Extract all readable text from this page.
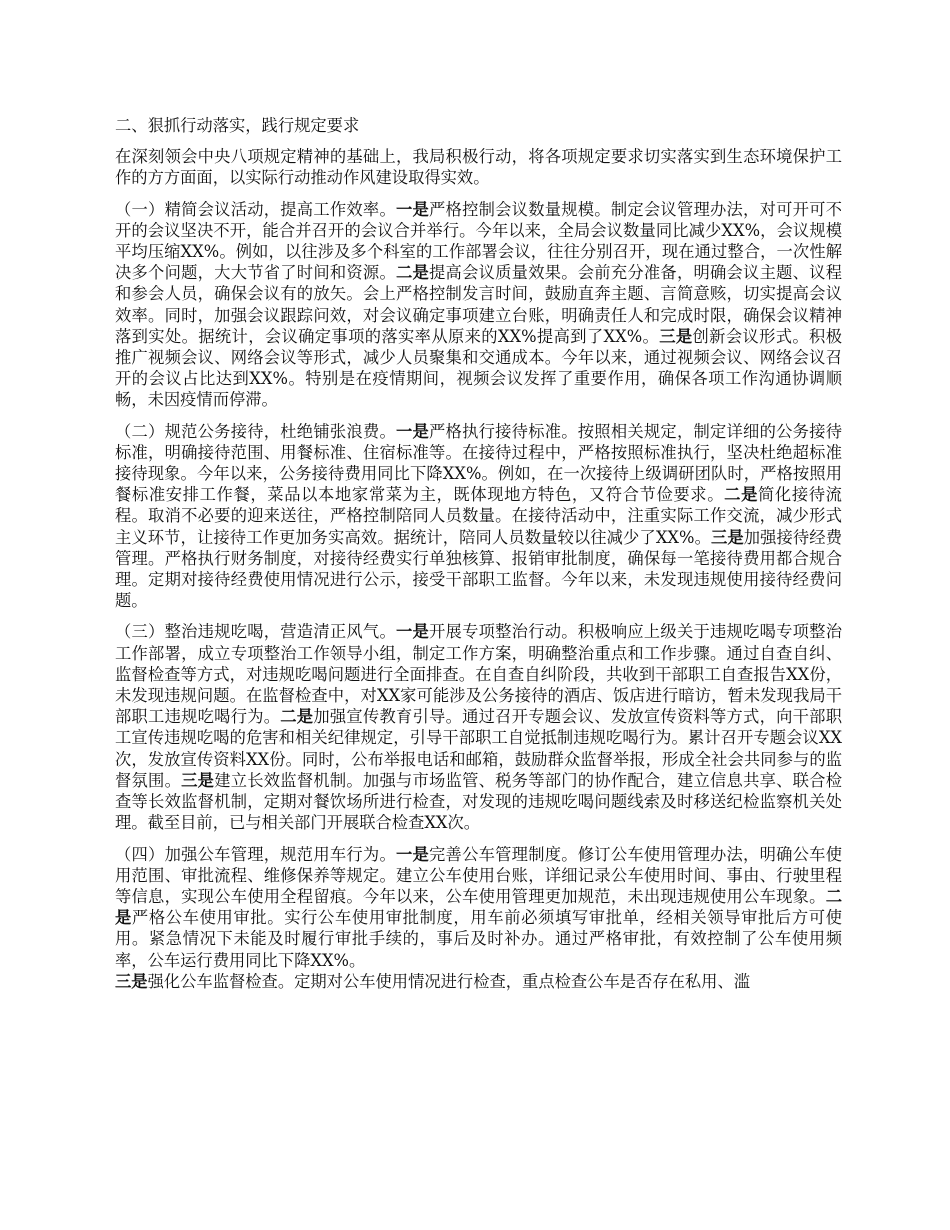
二、狠抓行动落实，践行规定要求

在深刻领会中央八项规定精神的基础上，我局积极行动，将各项规定要求切实落实到生态环境保护工作的方方面面，以实际行动推动作风建设取得实效。

（一）精简会议活动，提高工作效率。一是严格控制会议数量规模。制定会议管理办法，对可开可不开的会议坚决不开，能合并召开的会议合并举行。今年以来，全局会议数量同比减少XX%，会议规模平均压缩XX%。例如，以往涉及多个科室的工作部署会议，往往分别召开，现在通过整合，一次性解决多个问题，大大节省了时间和资源。二是提高会议质量效果。会前充分准备，明确会议主题、议程和参会人员，确保会议有的放矢。会上严格控制发言时间，鼓励直奔主题、言简意赅，切实提高会议效率。同时，加强会议跟踪问效，对会议确定事项建立台账，明确责任人和完成时限，确保会议精神落到实处。据统计，会议确定事项的落实率从原来的XX%提高到了XX%。三是创新会议形式。积极推广视频会议、网络会议等形式，减少人员聚集和交通成本。今年以来，通过视频会议、网络会议召开的会议占比达到XX%。特别是在疫情期间，视频会议发挥了重要作用，确保各项工作沟通协调顺畅，未因疫情而停滞。

（二）规范公务接待，杜绝铺张浪费。一是严格执行接待标准。按照相关规定，制定详细的公务接待标准，明确接待范围、用餐标准、住宿标准等。在接待过程中，严格按照标准执行，坚决杜绝超标准接待现象。今年以来，公务接待费用同比下降XX%。例如，在一次接待上级调研团队时，严格按照用餐标准安排工作餐，菜品以本地家常菜为主，既体现地方特色，又符合节俭要求。二是简化接待流程。取消不必要的迎来送往，严格控制陪同人员数量。在接待活动中，注重实际工作交流，减少形式主义环节，让接待工作更加务实高效。据统计，陪同人员数量较以往减少了XX%。三是加强接待经费管理。严格执行财务制度，对接待经费实行单独核算、报销审批制度，确保每一笔接待费用都合规合理。定期对接待经费使用情况进行公示，接受干部职工监督。今年以来，未发现违规使用接待经费问题。

（三）整治违规吃喝，营造清正风气。一是开展专项整治行动。积极响应上级关于违规吃喝专项整治工作部署，成立专项整治工作领导小组，制定工作方案，明确整治重点和工作步骤。通过自查自纠、监督检查等方式，对违规吃喝问题进行全面排查。在自查自纠阶段，共收到干部职工自查报告XX份，未发现违规问题。在监督检查中，对XX家可能涉及公务接待的酒店、饭店进行暗访，暂未发现我局干部职工违规吃喝行为。二是加强宣传教育引导。通过召开专题会议、发放宣传资料等方式，向干部职工宣传违规吃喝的危害和相关纪律规定，引导干部职工自觉抵制违规吃喝行为。累计召开专题会议XX次，发放宣传资料XX份。同时，公布举报电话和邮箱，鼓励群众监督举报，形成全社会共同参与的监督氛围。三是建立长效监督机制。加强与市场监管、税务等部门的协作配合，建立信息共享、联合检查等长效监督机制，定期对餐饮场所进行检查，对发现的违规吃喝问题线索及时移送纪检监察机关处理。截至目前，已与相关部门开展联合检查XX次。

（四）加强公车管理，规范用车行为。一是完善公车管理制度。修订公车使用管理办法，明确公车使用范围、审批流程、维修保养等规定。建立公车使用台账，详细记录公车使用时间、事由、行驶里程等信息，实现公车使用全程留痕。今年以来，公车使用管理更加规范，未出现违规使用公车现象。二是严格公车使用审批。实行公车使用审批制度，用车前必须填写审批单，经相关领导审批后方可使用。紧急情况下未能及时履行审批手续的，事后及时补办。通过严格审批，有效控制了公车使用频率，公车运行费用同比下降XX%。
三是强化公车监督检查。定期对公车使用情况进行检查，重点检查公车是否存在私用、滥
